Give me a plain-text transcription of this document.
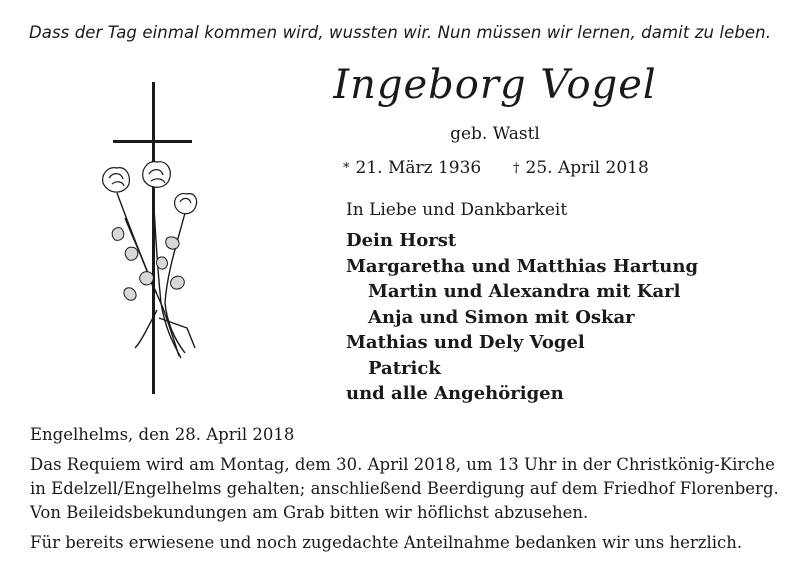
Dass der Tag einmal kommen wird, wussten wir. Nun müssen wir lernen, damit zu leben.
Ingeborg Vogel
geb. Wastl
* 21. März 1936 † 25. April 2018
In Liebe und Dankbarkeit
Dein Horst
Margaretha und Matthias Hartung
Martin und Alexandra mit Karl
Anja und Simon mit Oskar
Mathias und Dely Vogel
Patrick
und alle Angehörigen
Engelhelms, den 28. April 2018
Das Requiem wird am Montag, dem 30. April 2018, um 13 Uhr in der Christkönig-Kirche
in Edelzell/Engelhelms gehalten; anschließend Beerdigung auf dem Friedhof Florenberg.
Von Beileidsbekundungen am Grab bitten wir höflichst abzusehen.
Für bereits erwiesene und noch zugedachte Anteilnahme bedanken wir uns herzlich.
